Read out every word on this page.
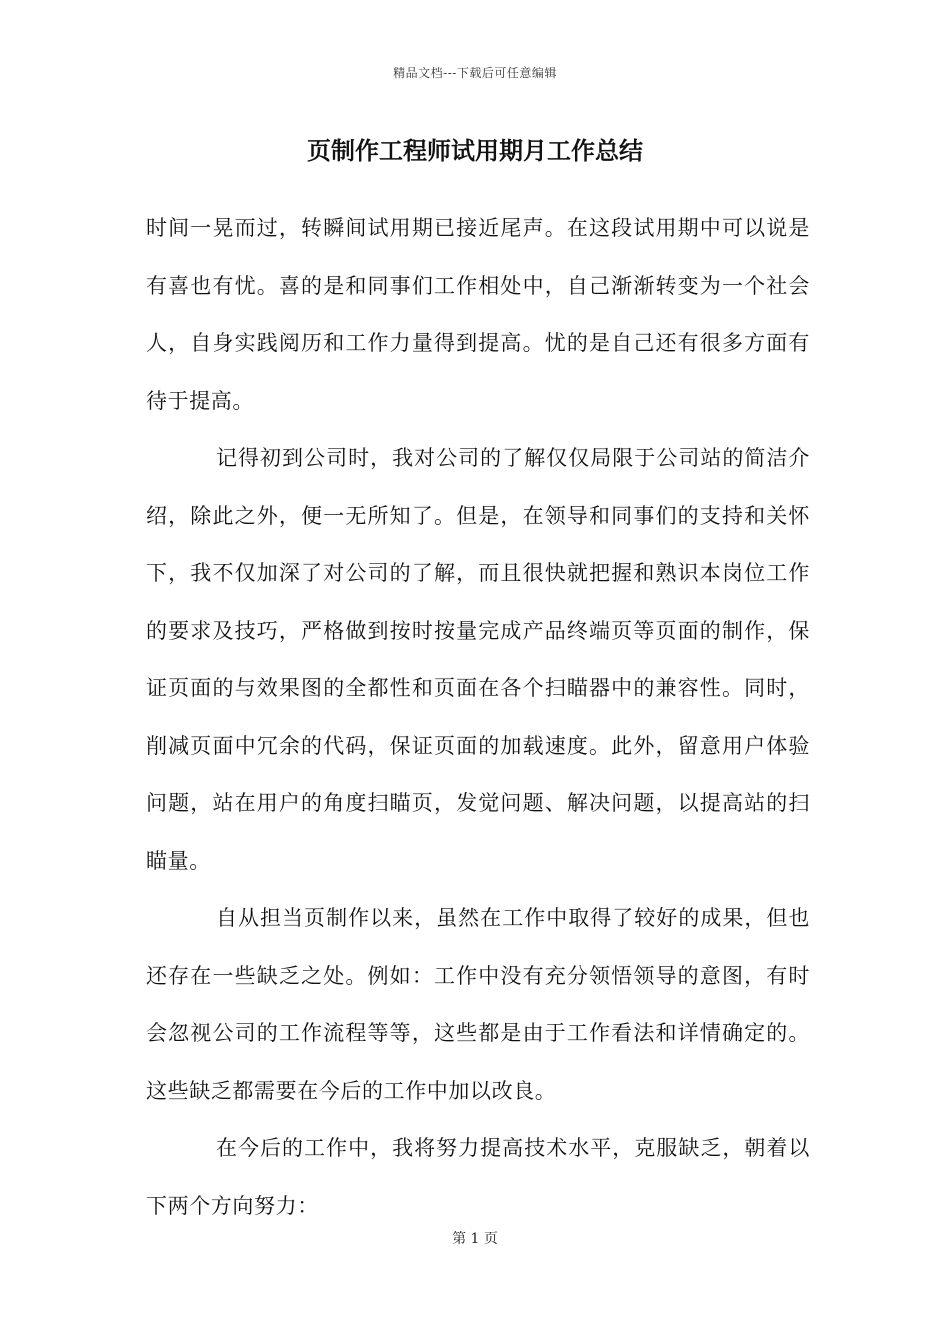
精品文档---下载后可任意编辑
页制作工程师试用期月工作总结

时间一晃而过，转瞬间试用期已接近尾声。在这段试用期中可以说是有喜也有忧。喜的是和同事们工作相处中，自己渐渐转变为一个社会人，自身实践阅历和工作力量得到提高。忧的是自己还有很多方面有待于提高。

记得初到公司时，我对公司的了解仅仅局限于公司站的简洁介绍，除此之外，便一无所知了。但是，在领导和同事们的支持和关怀下，我不仅加深了对公司的了解，而且很快就把握和熟识本岗位工作的要求及技巧，严格做到按时按量完成产品终端页等页面的制作，保证页面的与效果图的全都性和页面在各个扫瞄器中的兼容性。同时，削减页面中冗余的代码，保证页面的加载速度。此外，留意用户体验问题，站在用户的角度扫瞄页，发觉问题、解决问题，以提高站的扫瞄量。

自从担当页制作以来，虽然在工作中取得了较好的成果，但也还存在一些缺乏之处。例如：工作中没有充分领悟领导的意图，有时会忽视公司的工作流程等等，这些都是由于工作看法和详情确定的。这些缺乏都需要在今后的工作中加以改良。

在今后的工作中，我将努力提高技术水平，克服缺乏，朝着以下两个方向努力：

第 1 页
